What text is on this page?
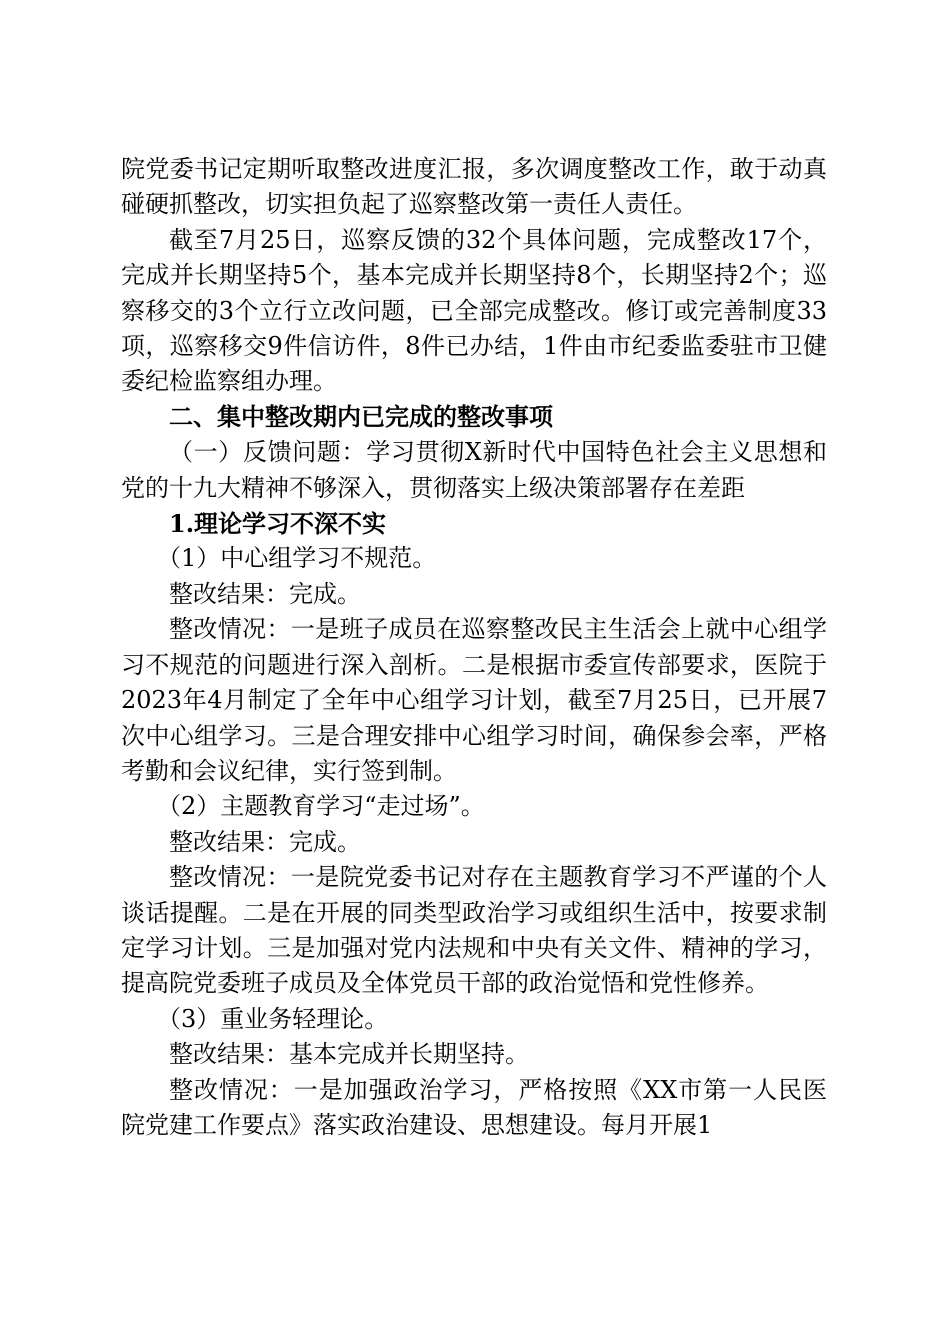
院党委书记定期听取整改进度汇报，多次调度整改工作，敢于动真碰硬抓整改，切实担负起了巡察整改第一责任人责任。

截至7月25日，巡察反馈的32个具体问题，完成整改17个，完成并长期坚持5个，基本完成并长期坚持8个，长期坚持2个；巡察移交的3个立行立改问题，已全部完成整改。修订或完善制度33项，巡察移交9件信访件，8件已办结，1件由市纪委监委驻市卫健委纪检监察组办理。

二、集中整改期内已完成的整改事项

（一）反馈问题：学习贯彻X新时代中国特色社会主义思想和党的十九大精神不够深入，贯彻落实上级决策部署存在差距

1.理论学习不深不实

（1）中心组学习不规范。

整改结果：完成。

整改情况：一是班子成员在巡察整改民主生活会上就中心组学习不规范的问题进行深入剖析。二是根据市委宣传部要求，医院于2023年4月制定了全年中心组学习计划，截至7月25日，已开展7次中心组学习。三是合理安排中心组学习时间，确保参会率，严格考勤和会议纪律，实行签到制。

（2）主题教育学习“走过场”。

整改结果：完成。

整改情况：一是院党委书记对存在主题教育学习不严谨的个人谈话提醒。二是在开展的同类型政治学习或组织生活中，按要求制定学习计划。三是加强对党内法规和中央有关文件、精神的学习，提高院党委班子成员及全体党员干部的政治觉悟和党性修养。

（3）重业务轻理论。

整改结果：基本完成并长期坚持。

整改情况：一是加强政治学习，严格按照《XX市第一人民医院党建工作要点》落实政治建设、思想建设。每月开展1
